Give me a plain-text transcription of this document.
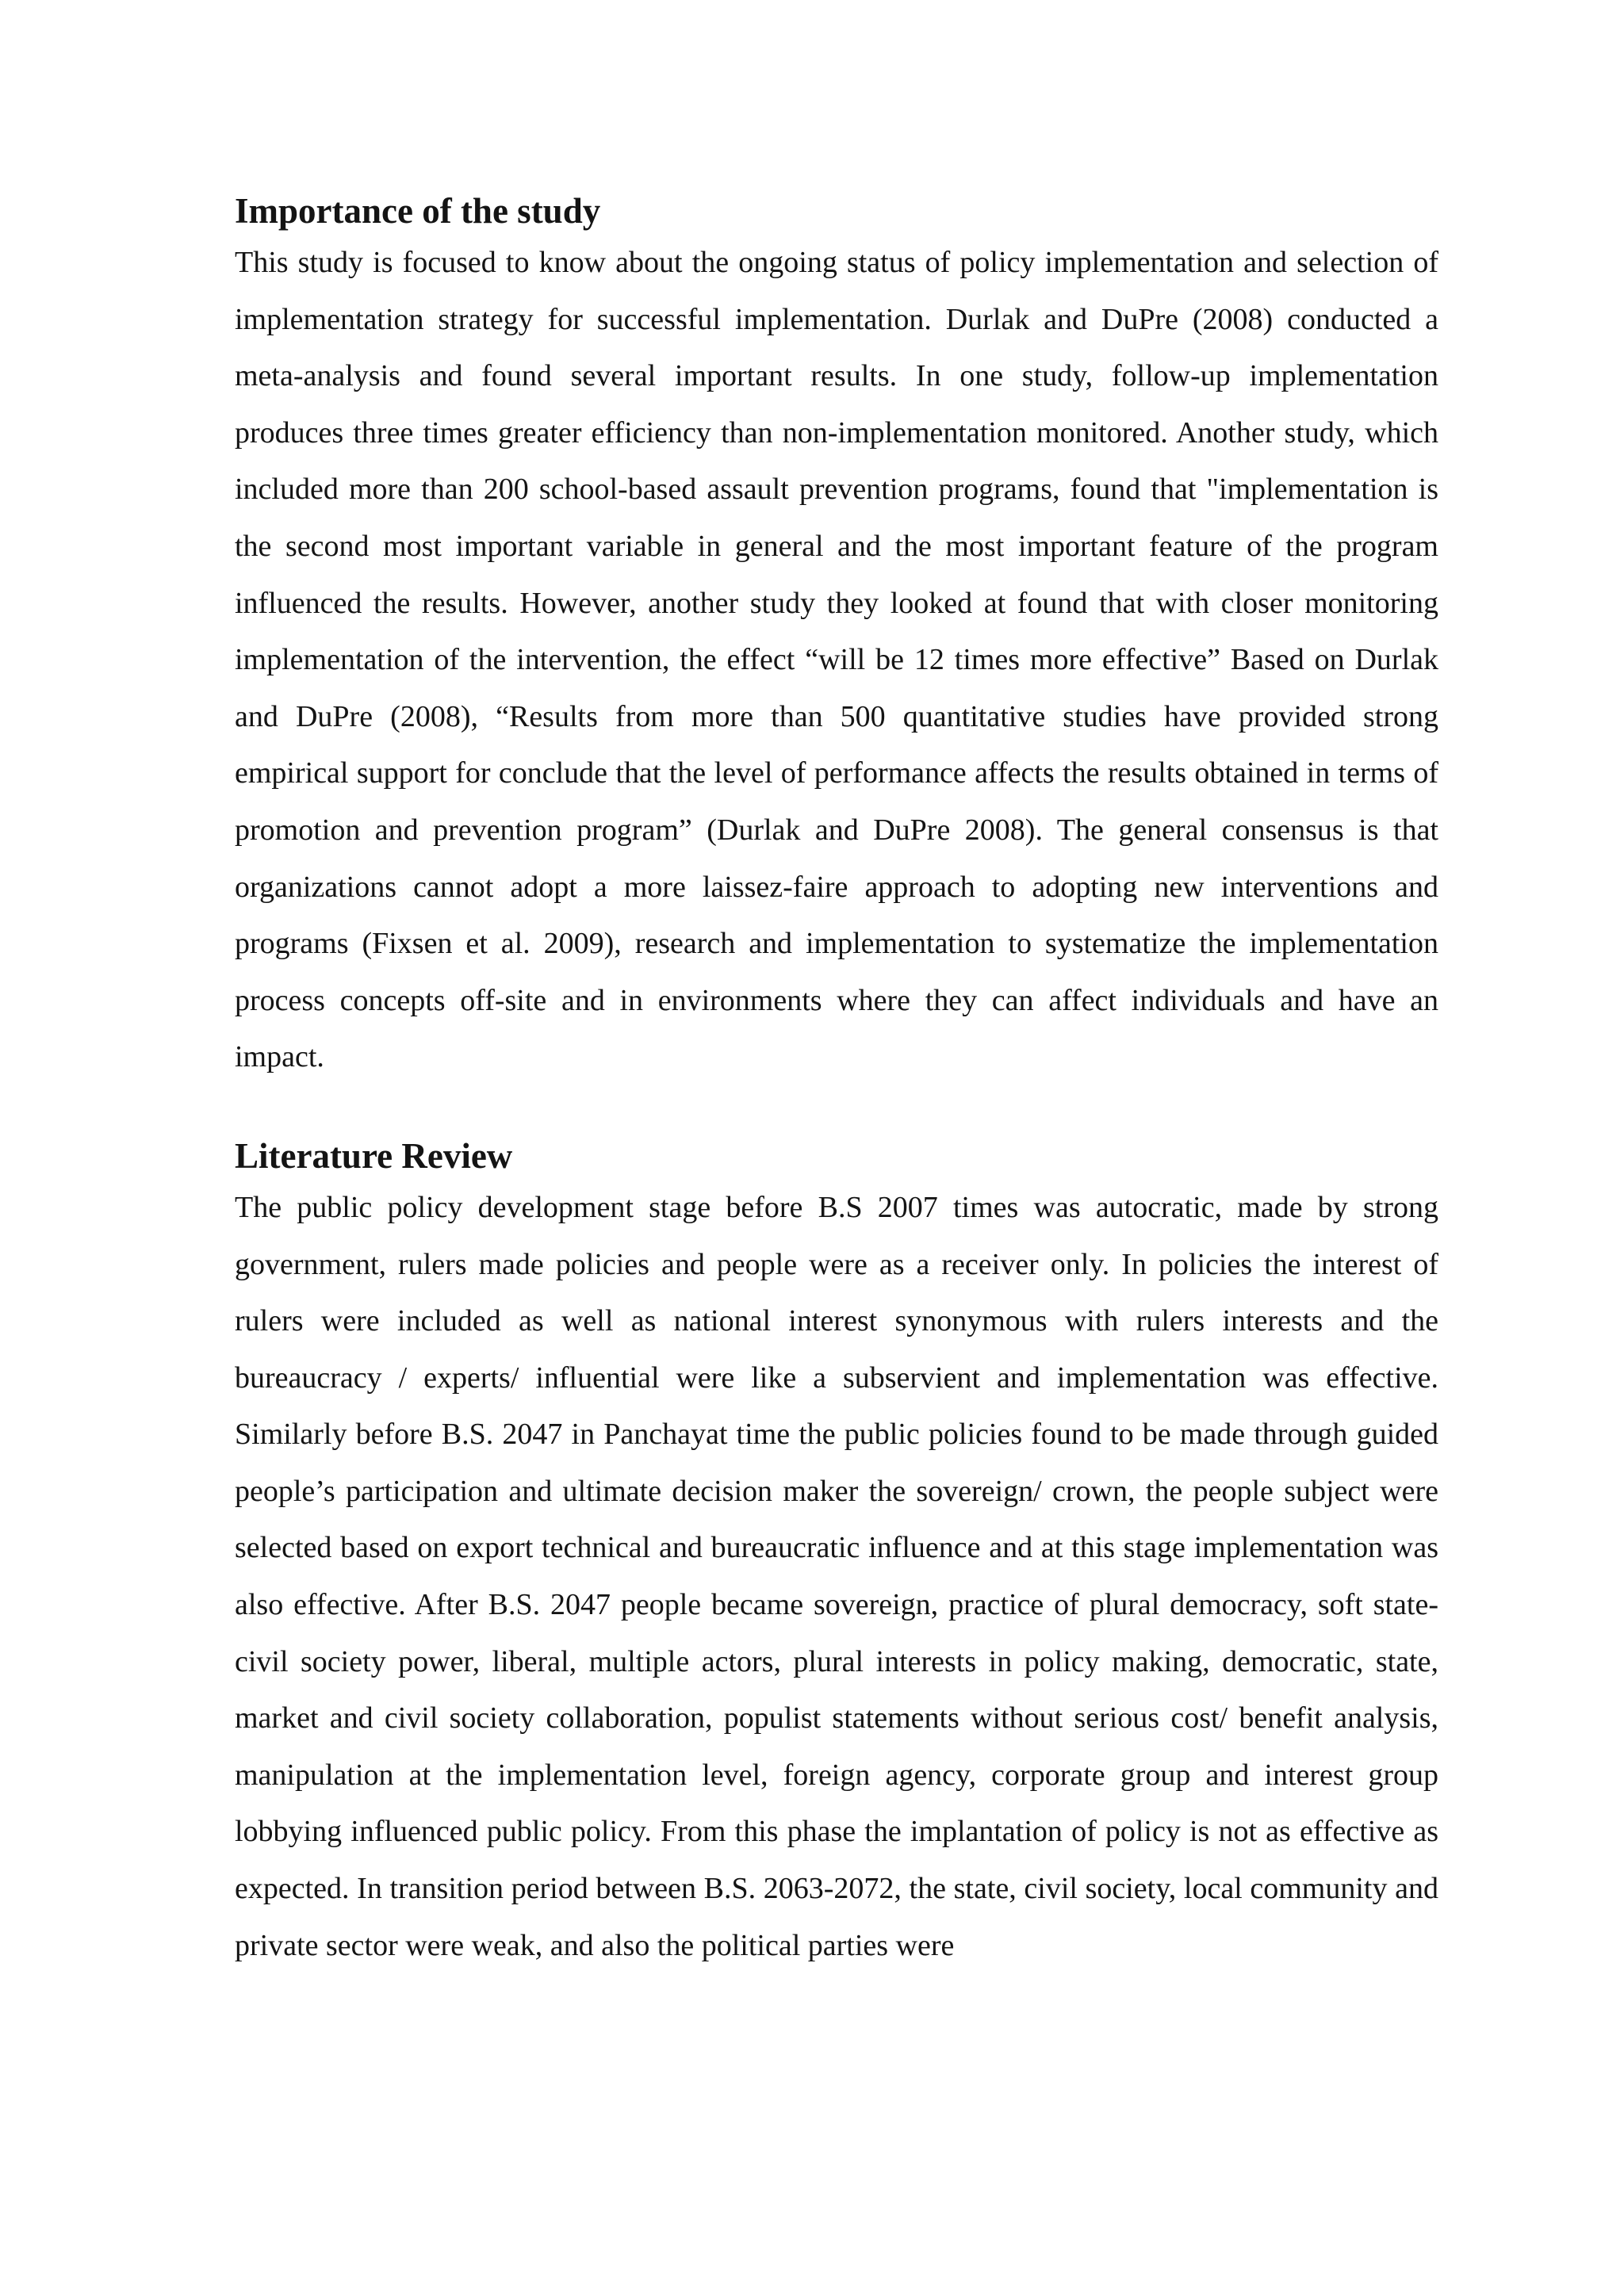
Importance of the study

This study is focused to know about the ongoing status of policy implementation and selection of implementation strategy for successful implementation. Durlak and DuPre (2008) conducted a meta-analysis and found several important results. In one study, follow-up implementation produces three times greater efficiency than non-implementation monitored. Another study, which included more than 200 school-based assault prevention programs, found that "implementation is the second most important variable in general and the most important feature of the program influenced the results. However, another study they looked at found that with closer monitoring implementation of the intervention, the effect “will be 12 times more effective” Based on Durlak and DuPre (2008), “Results from more than 500 quantitative studies have provided strong empirical support for conclude that the level of performance affects the results obtained in terms of promotion and prevention program” (Durlak and DuPre 2008). The general consensus is that organizations cannot adopt a more laissez-faire approach to adopting new interventions and programs (Fixsen et al. 2009), research and implementation to systematize the implementation process concepts off-site and in environments where they can affect individuals and have an impact.

Literature Review

The public policy development stage before B.S 2007 times was autocratic, made by strong government, rulers made policies and people were as a receiver only. In policies the interest of rulers were included as well as national interest synonymous with rulers interests and the bureaucracy / experts/ influential were like a subservient and implementation was effective. Similarly before B.S. 2047 in Panchayat time the public policies found to be made through guided people’s participation and ultimate decision maker the sovereign/ crown, the people subject were selected based on export technical and bureaucratic influence and at this stage implementation was also effective. After B.S. 2047 people became sovereign, practice of plural democracy, soft state- civil society power, liberal, multiple actors, plural interests in policy making, democratic, state, market and civil society collaboration, populist statements without serious cost/ benefit analysis, manipulation at the implementation level, foreign agency, corporate group and interest group lobbying influenced public policy. From this phase the implantation of policy is not as effective as expected. In transition period between B.S. 2063-2072, the state, civil society, local community and private sector were weak, and also the political parties were
